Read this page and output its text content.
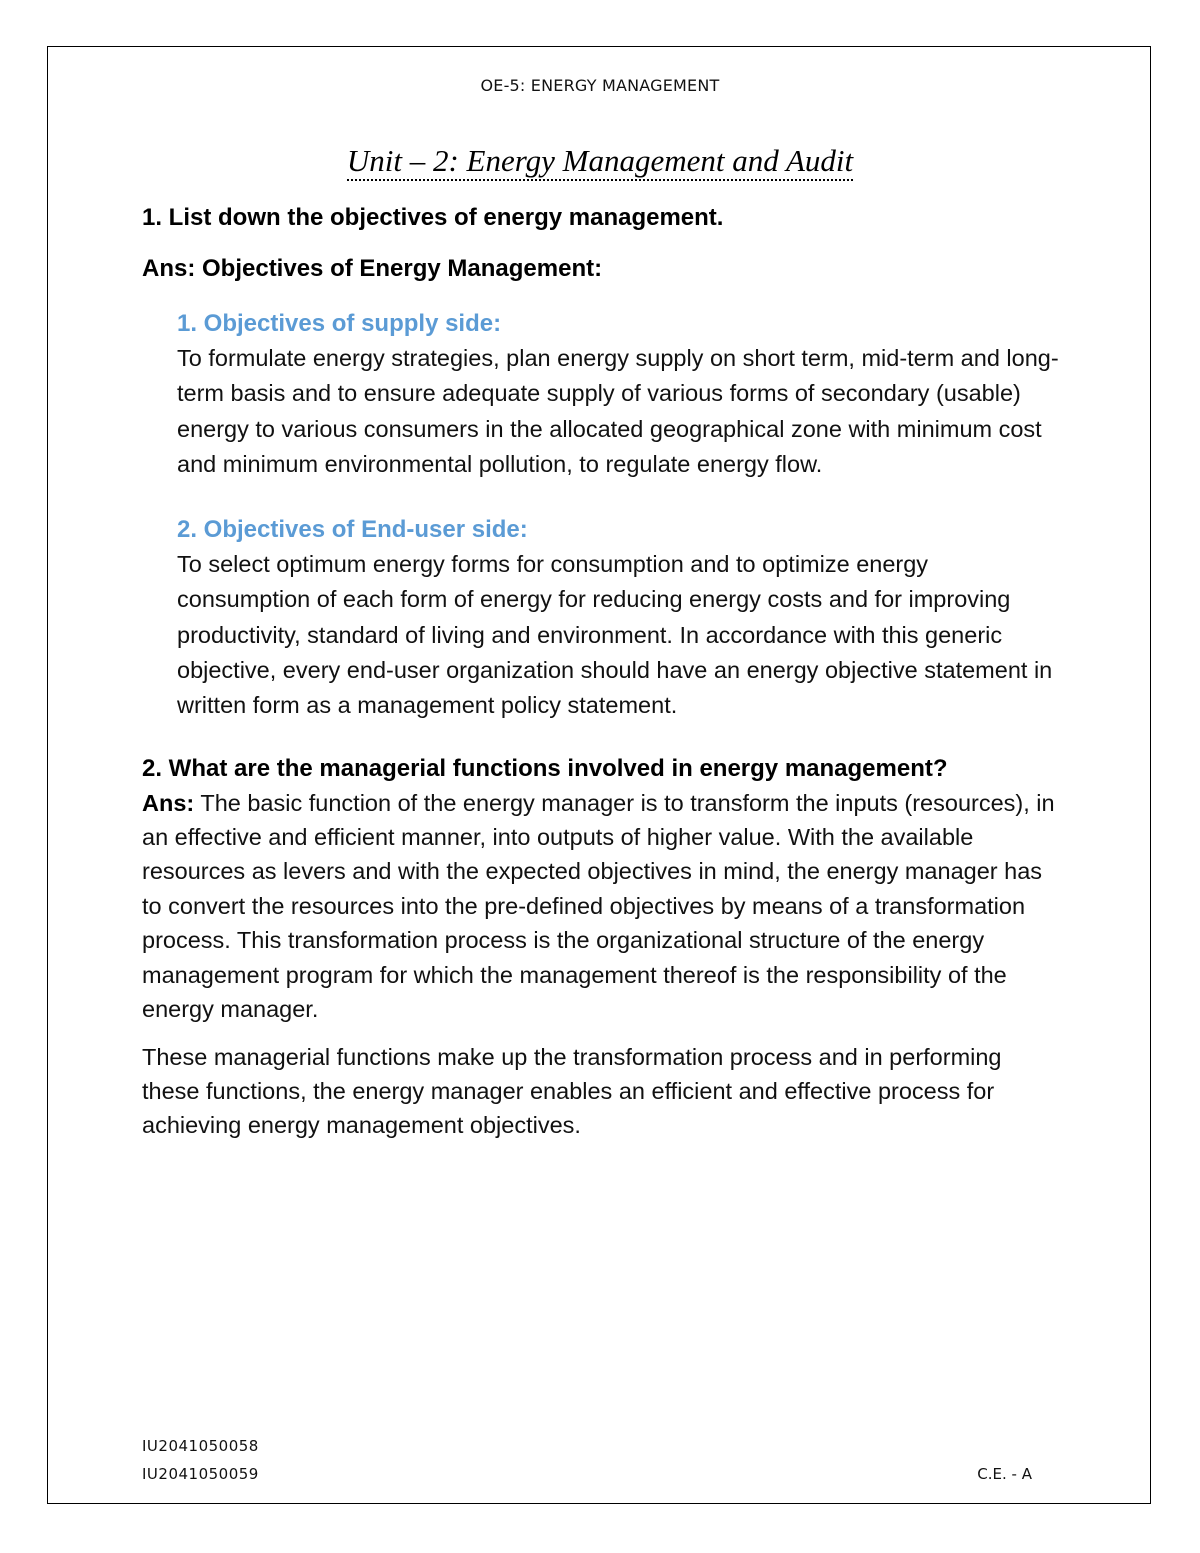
OE-5: ENERGY MANAGEMENT
Unit – 2: Energy Management and Audit

1. List down the objectives of energy management.

Ans: Objectives of Energy Management:

1. Objectives of supply side:

To formulate energy strategies, plan energy supply on short term, mid-term and long-term basis and to ensure adequate supply of various forms of secondary (usable) energy to various consumers in the allocated geographical zone with minimum cost and minimum environmental pollution, to regulate energy flow.

2. Objectives of End-user side:

To select optimum energy forms for consumption and to optimize energy consumption of each form of energy for reducing energy costs and for improving productivity, standard of living and environment. In accordance with this generic objective, every end-user organization should have an energy objective statement in written form as a management policy statement.

2. What are the managerial functions involved in energy management?

Ans: The basic function of the energy manager is to transform the inputs (resources), in an effective and efficient manner, into outputs of higher value. With the available resources as levers and with the expected objectives in mind, the energy manager has to convert the resources into the pre-defined objectives by means of a transformation process. This transformation process is the organizational structure of the energy management program for which the management thereof is the responsibility of the energy manager.

These managerial functions make up the transformation process and in performing these functions, the energy manager enables an efficient and effective process for achieving energy management objectives.

IU2041050058
IU2041050059	C.E. - A
